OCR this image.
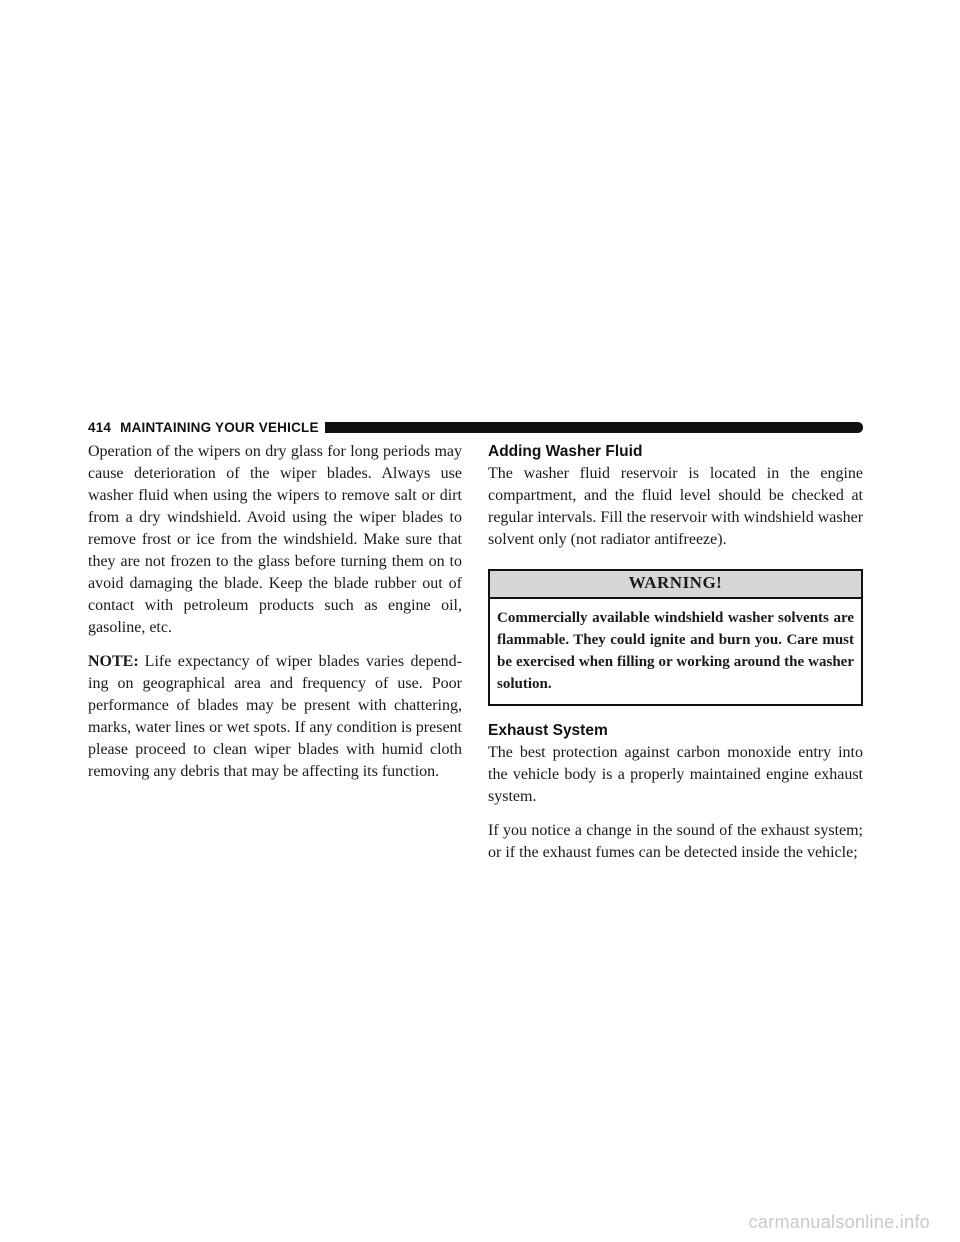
414 MAINTAINING YOUR VEHICLE

Operation of the wipers on dry glass for long periods may cause deterioration of the wiper blades. Always use washer fluid when using the wipers to remove salt or dirt from a dry windshield. Avoid using the wiper blades to remove frost or ice from the windshield. Make sure that they are not frozen to the glass before turning them on to avoid damaging the blade. Keep the blade rubber out of contact with petroleum products such as engine oil, gasoline, etc.

NOTE: Life expectancy of wiper blades varies depending on geographical area and frequency of use. Poor performance of blades may be present with chattering, marks, water lines or wet spots. If any condition is present please proceed to clean wiper blades with humid cloth removing any debris that may be affecting its function.

Adding Washer Fluid

The washer fluid reservoir is located in the engine compartment, and the fluid level should be checked at regular intervals. Fill the reservoir with windshield washer solvent only (not radiator antifreeze).

WARNING!
Commercially available windshield washer solvents are flammable. They could ignite and burn you. Care must be exercised when filling or working around the washer solution.
Exhaust System

The best protection against carbon monoxide entry into the vehicle body is a properly maintained engine exhaust system.

If you notice a change in the sound of the exhaust system; or if the exhaust fumes can be detected inside the vehicle;

carmanualsonline.info
